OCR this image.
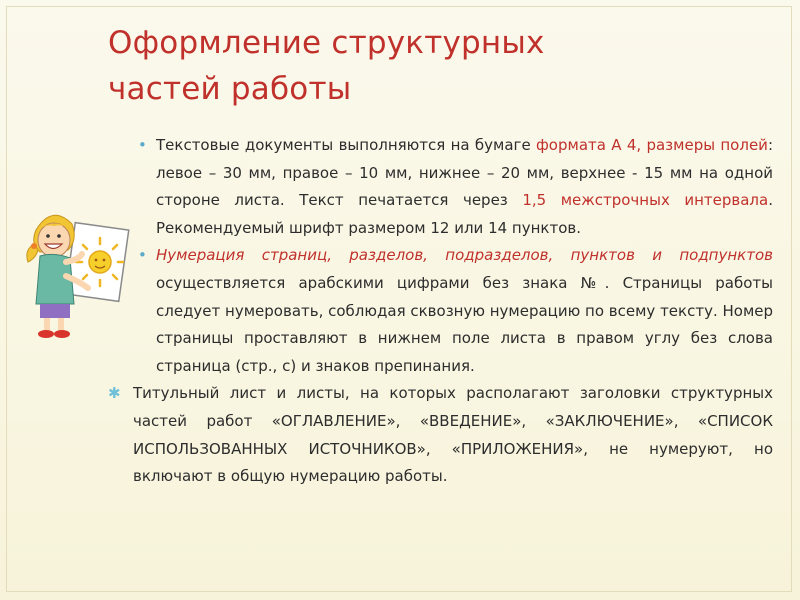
Оформление структурных
частей работы

• Текстовые документы выполняются на бумаге формата А 4, размеры полей: левое – 30 мм, правое – 10 мм, нижнее – 20 мм, верхнее - 15 мм на одной стороне листа. Текст печатается через 1,5 межстрочных интервала. Рекомендуемый шрифт размером 12 или 14 пунктов.

• Нумерация страниц, разделов, подразделов, пунктов и подпунктов осуществляется арабскими цифрами без знака №. Страницы работы следует нумеровать, соблюдая сквозную нумерацию по всему тексту. Номер страницы проставляют в нижнем поле листа в правом углу без слова страница (стр., с) и знаков препинания.

✱ Титульный лист и листы, на которых располагают заголовки структурных частей работ «ОГЛАВЛЕНИЕ», «ВВЕДЕНИЕ», «ЗАКЛЮЧЕНИЕ», «СПИСОК ИСПОЛЬЗОВАННЫХ ИСТОЧНИКОВ», «ПРИЛОЖЕНИЯ», не нумеруют, но включают в общую нумерацию работы.
